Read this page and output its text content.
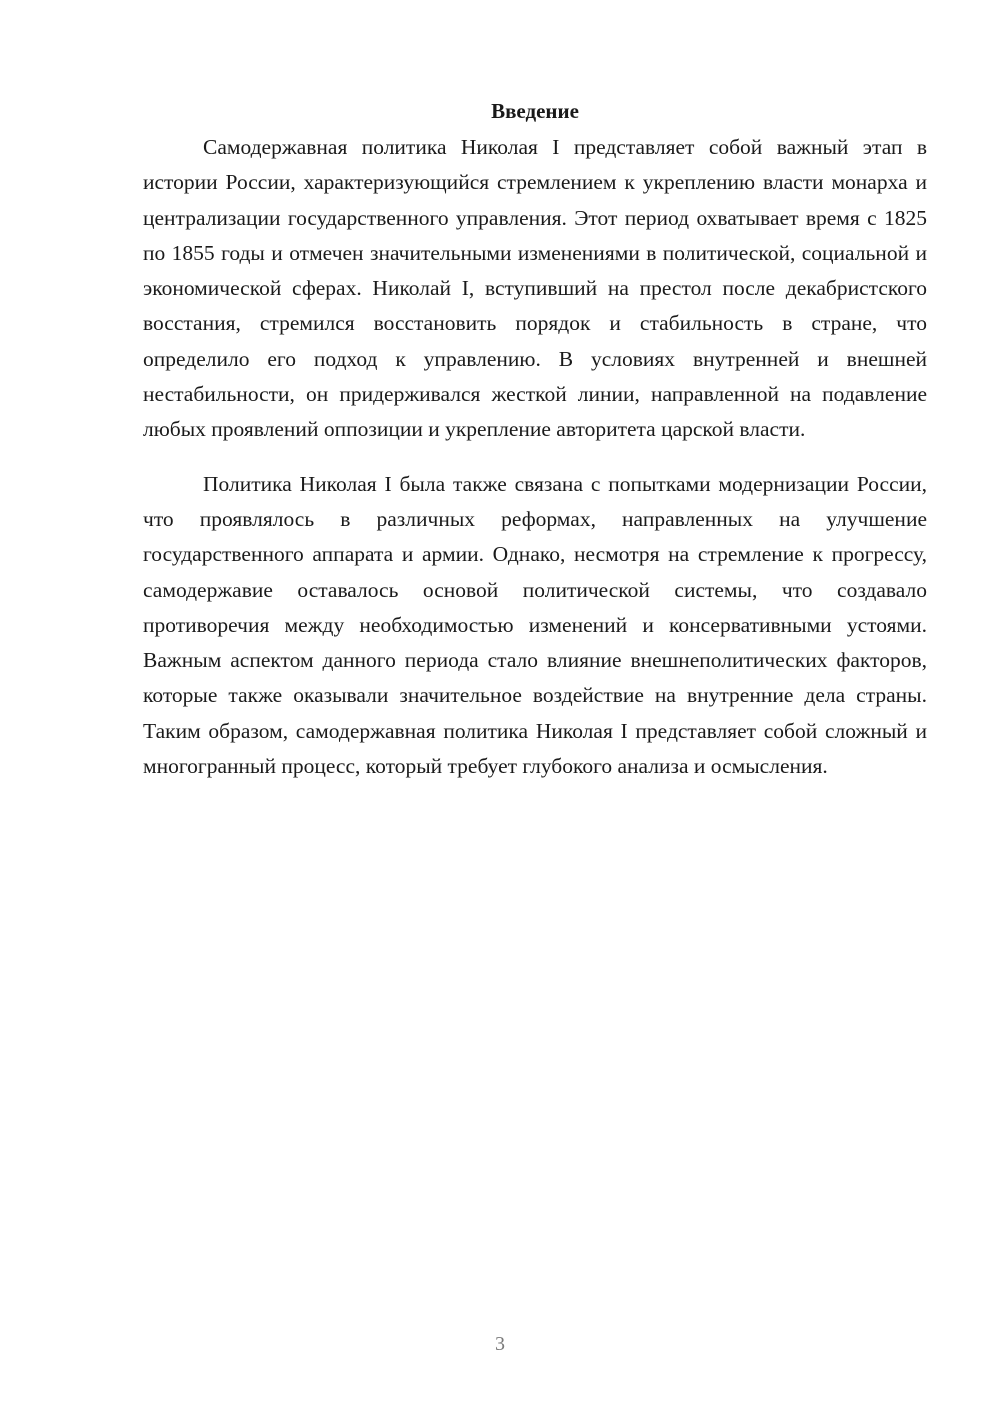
Введение

Самодержавная политика Николая I представляет собой важный этап в истории России, характеризующийся стремлением к укреплению власти монарха и централизации государственного управления. Этот период охватывает время с 1825 по 1855 годы и отмечен значительными изменениями в политической, социальной и экономической сферах. Николай I, вступивший на престол после декабристского восстания, стремился восстановить порядок и стабильность в стране, что определило его подход к управлению. В условиях внутренней и внешней нестабильности, он придерживался жесткой линии, направленной на подавление любых проявлений оппозиции и укрепление авторитета царской власти.

Политика Николая I была также связана с попытками модернизации России, что проявлялось в различных реформах, направленных на улучшение государственного аппарата и армии. Однако, несмотря на стремление к прогрессу, самодержавие оставалось основой политической системы, что создавало противоречия между необходимостью изменений и консервативными устоями. Важным аспектом данного периода стало влияние внешнеполитических факторов, которые также оказывали значительное воздействие на внутренние дела страны. Таким образом, самодержавная политика Николая I представляет собой сложный и многогранный процесс, который требует глубокого анализа и осмысления.

3
